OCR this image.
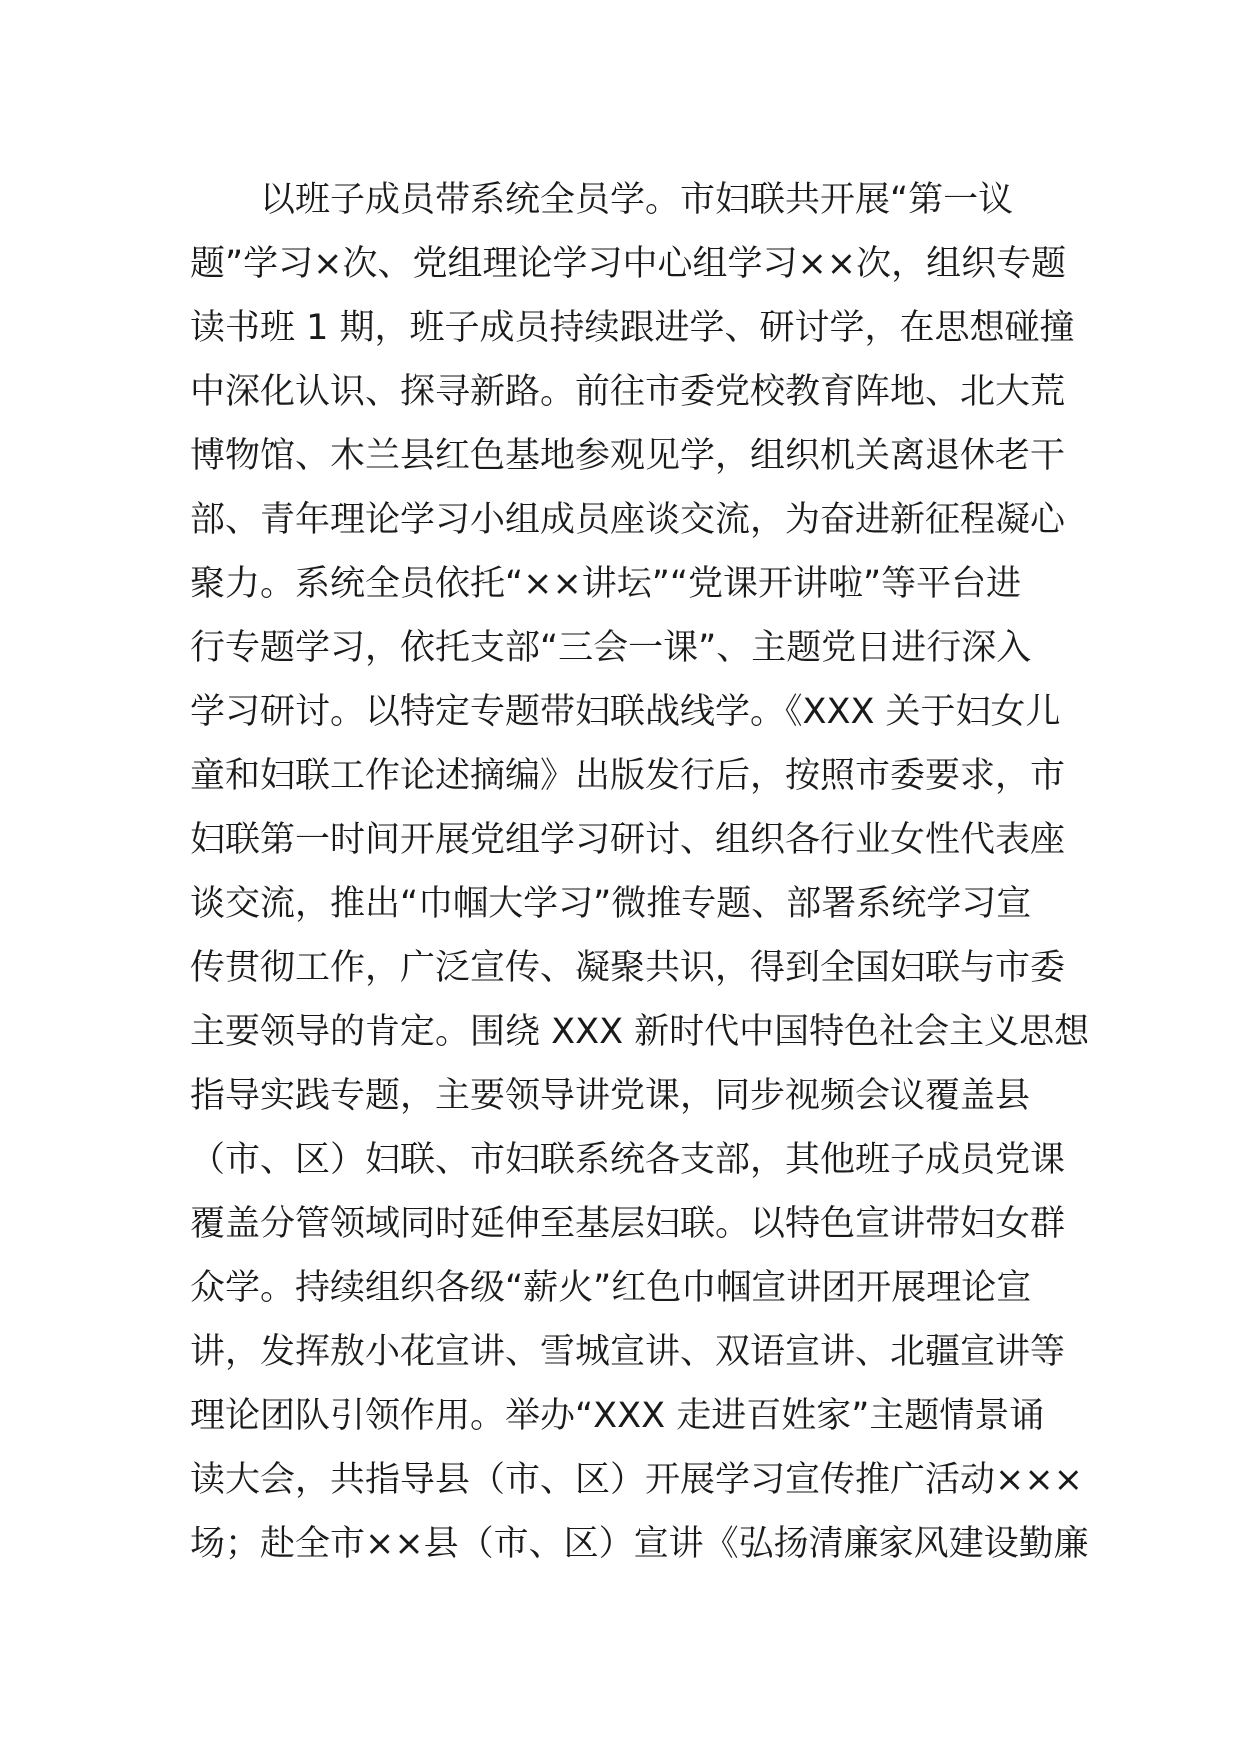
以班子成员带系统全员学。市妇联共开展“第一议
题”学习×次、党组理论学习中心组学习××次，组织专题
读书班 1 期，班子成员持续跟进学、研讨学，在思想碰撞
中深化认识、探寻新路。前往市委党校教育阵地、北大荒
博物馆、木兰县红色基地参观见学，组织机关离退休老干
部、青年理论学习小组成员座谈交流，为奋进新征程凝心
聚力。系统全员依托“××讲坛”“党课开讲啦”等平台进
行专题学习，依托支部“三会一课”、主题党日进行深入
学习研讨。以特定专题带妇联战线学。《XXX 关于妇女儿
童和妇联工作论述摘编》出版发行后，按照市委要求，市
妇联第一时间开展党组学习研讨、组织各行业女性代表座
谈交流，推出“巾帼大学习”微推专题、部署系统学习宣
传贯彻工作，广泛宣传、凝聚共识，得到全国妇联与市委
主要领导的肯定。围绕 XXX 新时代中国特色社会主义思想
指导实践专题，主要领导讲党课，同步视频会议覆盖县
（市、区）妇联、市妇联系统各支部，其他班子成员党课
覆盖分管领域同时延伸至基层妇联。以特色宣讲带妇女群
众学。持续组织各级“薪火”红色巾帼宣讲团开展理论宣
讲，发挥敖小花宣讲、雪城宣讲、双语宣讲、北疆宣讲等
理论团队引领作用。举办“XXX 走进百姓家”主题情景诵
读大会，共指导县（市、区）开展学习宣传推广活动×××
场；赴全市××县（市、区）宣讲《弘扬清廉家风建设勤廉
